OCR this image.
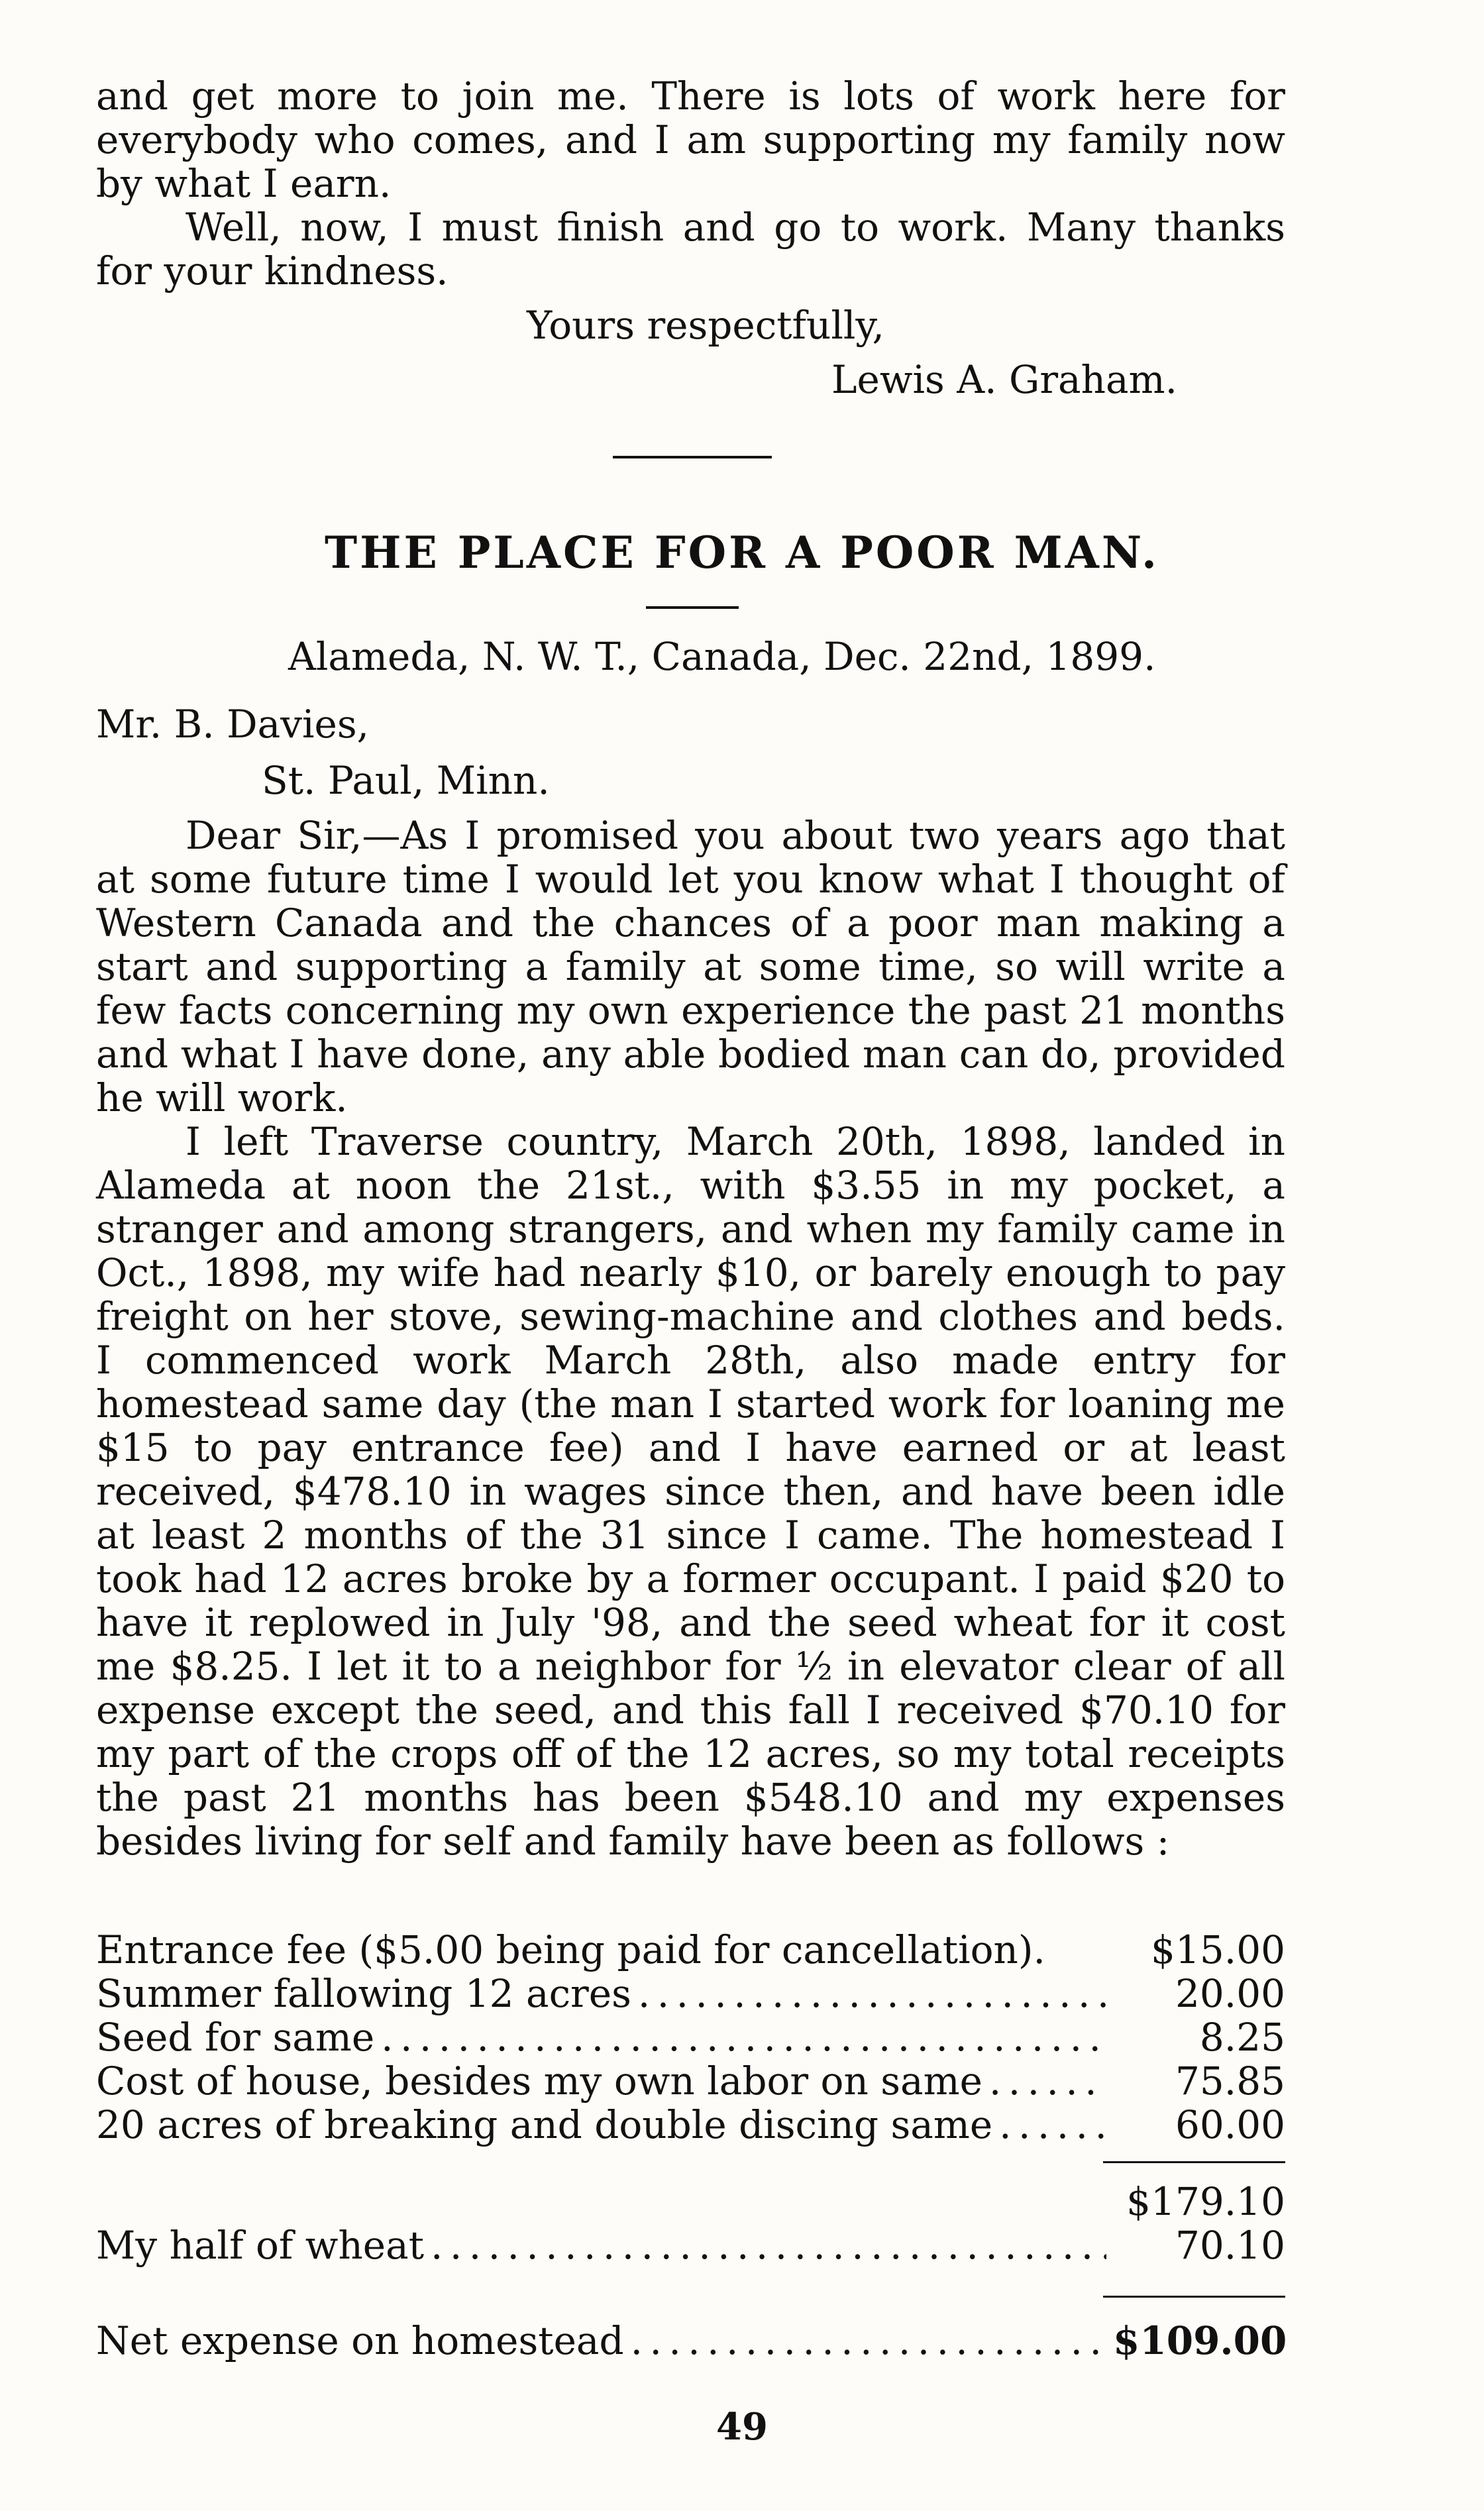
and get more to join me. There is lots of work here for everybody who comes, and I am supporting my family now by what I earn.

Well, now, I must finish and go to work. Many thanks for your kindness.

Yours respectfully,
Lewis A. Graham.
THE PLACE FOR A POOR MAN.
Alameda, N. W. T., Canada, Dec. 22nd, 1899.
Mr. B. Davies,
St. Paul, Minn.

Dear Sir,—As I promised you about two years ago that at some future time I would let you know what I thought of Western Canada and the chances of a poor man making a start and supporting a family at some time, so will write a few facts concerning my own experience the past 21 months and what I have done, any able bodied man can do, provided he will work.

I left Traverse country, March 20th, 1898, landed in Alameda at noon the 21st., with $3.55 in my pocket, a stranger and among strangers, and when my family came in Oct., 1898, my wife had nearly $10, or barely enough to pay freight on her stove, sewing-machine and clothes and beds. I commenced work March 28th, also made entry for homestead same day (the man I started work for loaning me $15 to pay entrance fee) and I have earned or at least received, $478.10 in wages since then, and have been idle at least 2 months of the 31 since I came. The homestead I took had 12 acres broke by a former occupant. I paid $20 to have it replowed in July '98, and the seed wheat for it cost me $8.25. I let it to a neighbor for ½ in elevator clear of all expense except the seed, and this fall I received $70.10 for my part of the crops off of the 12 acres, so my total receipts the past 21 months has been $548.10 and my expenses besides living for self and family have been as follows :

Entrance fee ($5.00 being paid for cancellation).	$15.00
Summer fallowing 12 acres . . .	20.00
Seed for same . . .	8.25
Cost of house, besides my own labor on same . . .	75.85
20 acres of breaking and double discing same . . .	60.00
$179.10
My half of wheat . . .	70.10
Net expense on homestead . . .	$109.00
49
